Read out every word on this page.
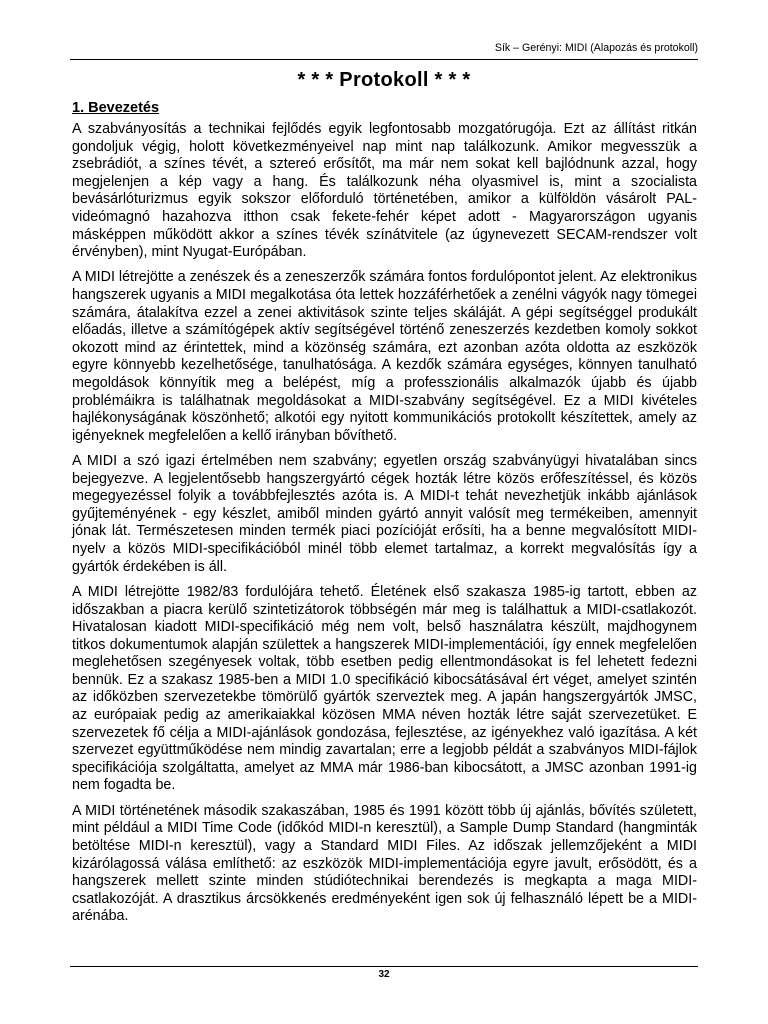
Sík – Gerényi: MIDI (Alapozás és protokoll)
* * * Protokoll * * *
1. Bevezetés

A szabványosítás a technikai fejlődés egyik legfontosabb mozgatórugója. Ezt az állítást ritkán gondoljuk végig, holott következményeivel nap mint nap találkozunk. Amikor megvesszük a zsebrádiót, a színes tévét, a sztereó erősítőt, ma már nem sokat kell bajlódnunk azzal, hogy megjelenjen a kép vagy a hang. És találkozunk néha olyasmivel is, mint a szocialista bevásárlóturizmus egyik sokszor előforduló történetében, amikor a külföldön vásárolt PAL-videómagnó hazahozva itthon csak fekete-fehér képet adott - Magyarországon ugyanis másképpen működött akkor a színes tévék színátvitele (az úgynevezett SECAM-rendszer volt érvényben), mint Nyugat-Európában.

A MIDI létrejötte a zenészek és a zeneszerzők számára fontos fordulópontot jelent. Az elektronikus hangszerek ugyanis a MIDI megalkotása óta lettek hozzáférhetőek a zenélni vágyók nagy tömegei számára, átalakítva ezzel a zenei aktivitások szinte teljes skáláját. A gépi segítséggel produkált előadás, illetve a számítógépek aktív segítségével történő zeneszerzés kezdetben komoly sokkot okozott mind az érintettek, mind a közönség számára, ezt azonban azóta oldotta az eszközök egyre könnyebb kezelhetősége, tanulhatósága. A kezdők számára egységes, könnyen tanulható megoldások könnyítik meg a belépést, míg a professzionális alkalmazók újabb és újabb problémáikra is találhatnak megoldásokat a MIDI-szabvány segítségével. Ez a MIDI kivételes hajlékonyságának köszönhető; alkotói egy nyitott kommunikációs protokollt készítettek, amely az igényeknek megfelelően a kellő irányban bővíthető.

A MIDI a szó igazi értelmében nem szabvány; egyetlen ország szabványügyi hivatalában sincs bejegyezve. A legjelentősebb hangszergyártó cégek hozták létre közös erőfeszítéssel, és közös megegyezéssel folyik a továbbfejlesztés azóta is. A MIDI-t tehát nevezhetjük inkább ajánlások gyűjteményének - egy készlet, amiből minden gyártó annyit valósít meg termékeiben, amennyit jónak lát. Természetesen minden termék piaci pozícióját erősíti, ha a benne megvalósított MIDI-nyelv a közös MIDI-specifikációból minél több elemet tartalmaz, a korrekt megvalósítás így a gyártók érdekében is áll.

A MIDI létrejötte 1982/83 fordulójára tehető. Életének első szakasza 1985-ig tartott, ebben az időszakban a piacra kerülő szintetizátorok többségén már meg is találhattuk a MIDI-csatlakozót. Hivatalosan kiadott MIDI-specifikáció még nem volt, belső használatra készült, majdhogynem titkos dokumentumok alapján születtek a hangszerek MIDI-implementációi, így ennek megfelelően meglehetősen szegényesek voltak, több esetben pedig ellentmondásokat is fel lehetett fedezni bennük. Ez a szakasz 1985-ben a MIDI 1.0 specifikáció kibocsátásával ért véget, amelyet szintén az időközben szervezetekbe tömörülő gyártók szerveztek meg. A japán hangszergyártók JMSC, az európaiak pedig az amerikaiakkal közösen MMA néven hozták létre saját szervezetüket. E szervezetek fő célja a MIDI-ajánlások gondozása, fejlesztése, az igényekhez való igazítása. A két szervezet együttműködése nem mindig zavartalan; erre a legjobb példát a szabványos MIDI-fájlok specifikációja szolgáltatta, amelyet az MMA már 1986-ban kibocsátott, a JMSC azonban 1991-ig nem fogadta be.

A MIDI történetének második szakaszában, 1985 és 1991 között több új ajánlás, bővítés született, mint például a MIDI Time Code (időkód MIDI-n keresztül), a Sample Dump Standard (hangminták betöltése MIDI-n keresztül), vagy a Standard MIDI Files. Az időszak jellemzőjeként a MIDI kizárólagossá válása említhető: az eszközök MIDI-implementációja egyre javult, erősödött, és a hangszerek mellett szinte minden stúdiótechnikai berendezés is megkapta a maga MIDI-csatlakozóját. A drasztikus árcsökkenés eredményeként igen sok új felhasználó lépett be a MIDI-arénába.

32
